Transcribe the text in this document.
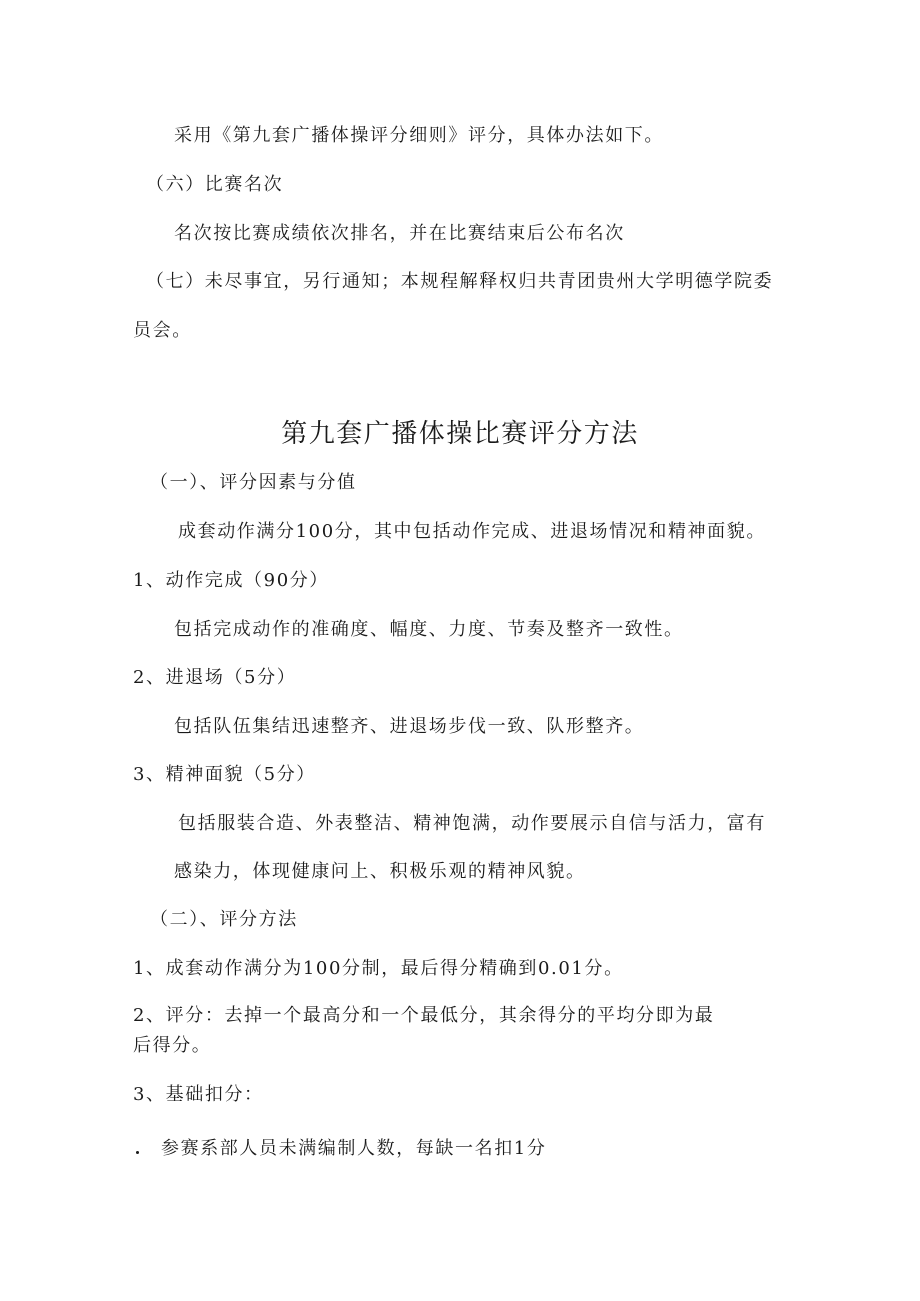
采用《第九套广播体操评分细则》评分，具体办法如下。
（六）比赛名次
名次按比赛成绩依次排名，并在比赛结束后公布名次
（七）未尽事宜，另行通知；本规程解释权归共青团贵州大学明德学院委
员会。
第九套广播体操比赛评分方法
（一）、评分因素与分值
成套动作满分100分，其中包括动作完成、进退场情况和精神面貌。
1、动作完成（90分）
包括完成动作的准确度、幅度、力度、节奏及整齐一致性。
2、进退场（5分）
包括队伍集结迅速整齐、进退场步伐一致、队形整齐。
3、精神面貌（5分）
包括服装合造、外表整洁、精神饱满，动作要展示自信与活力，富有
感染力，体现健康问上、积极乐观的精神风貌。
（二）、评分方法
1、成套动作满分为100分制，最后得分精确到0.01分。
2、评分：去掉一个最高分和一个最低分，其余得分的平均分即为最
后得分。
3、基础扣分：
参赛系部人员未满编制人数，每缺一名扣1分
